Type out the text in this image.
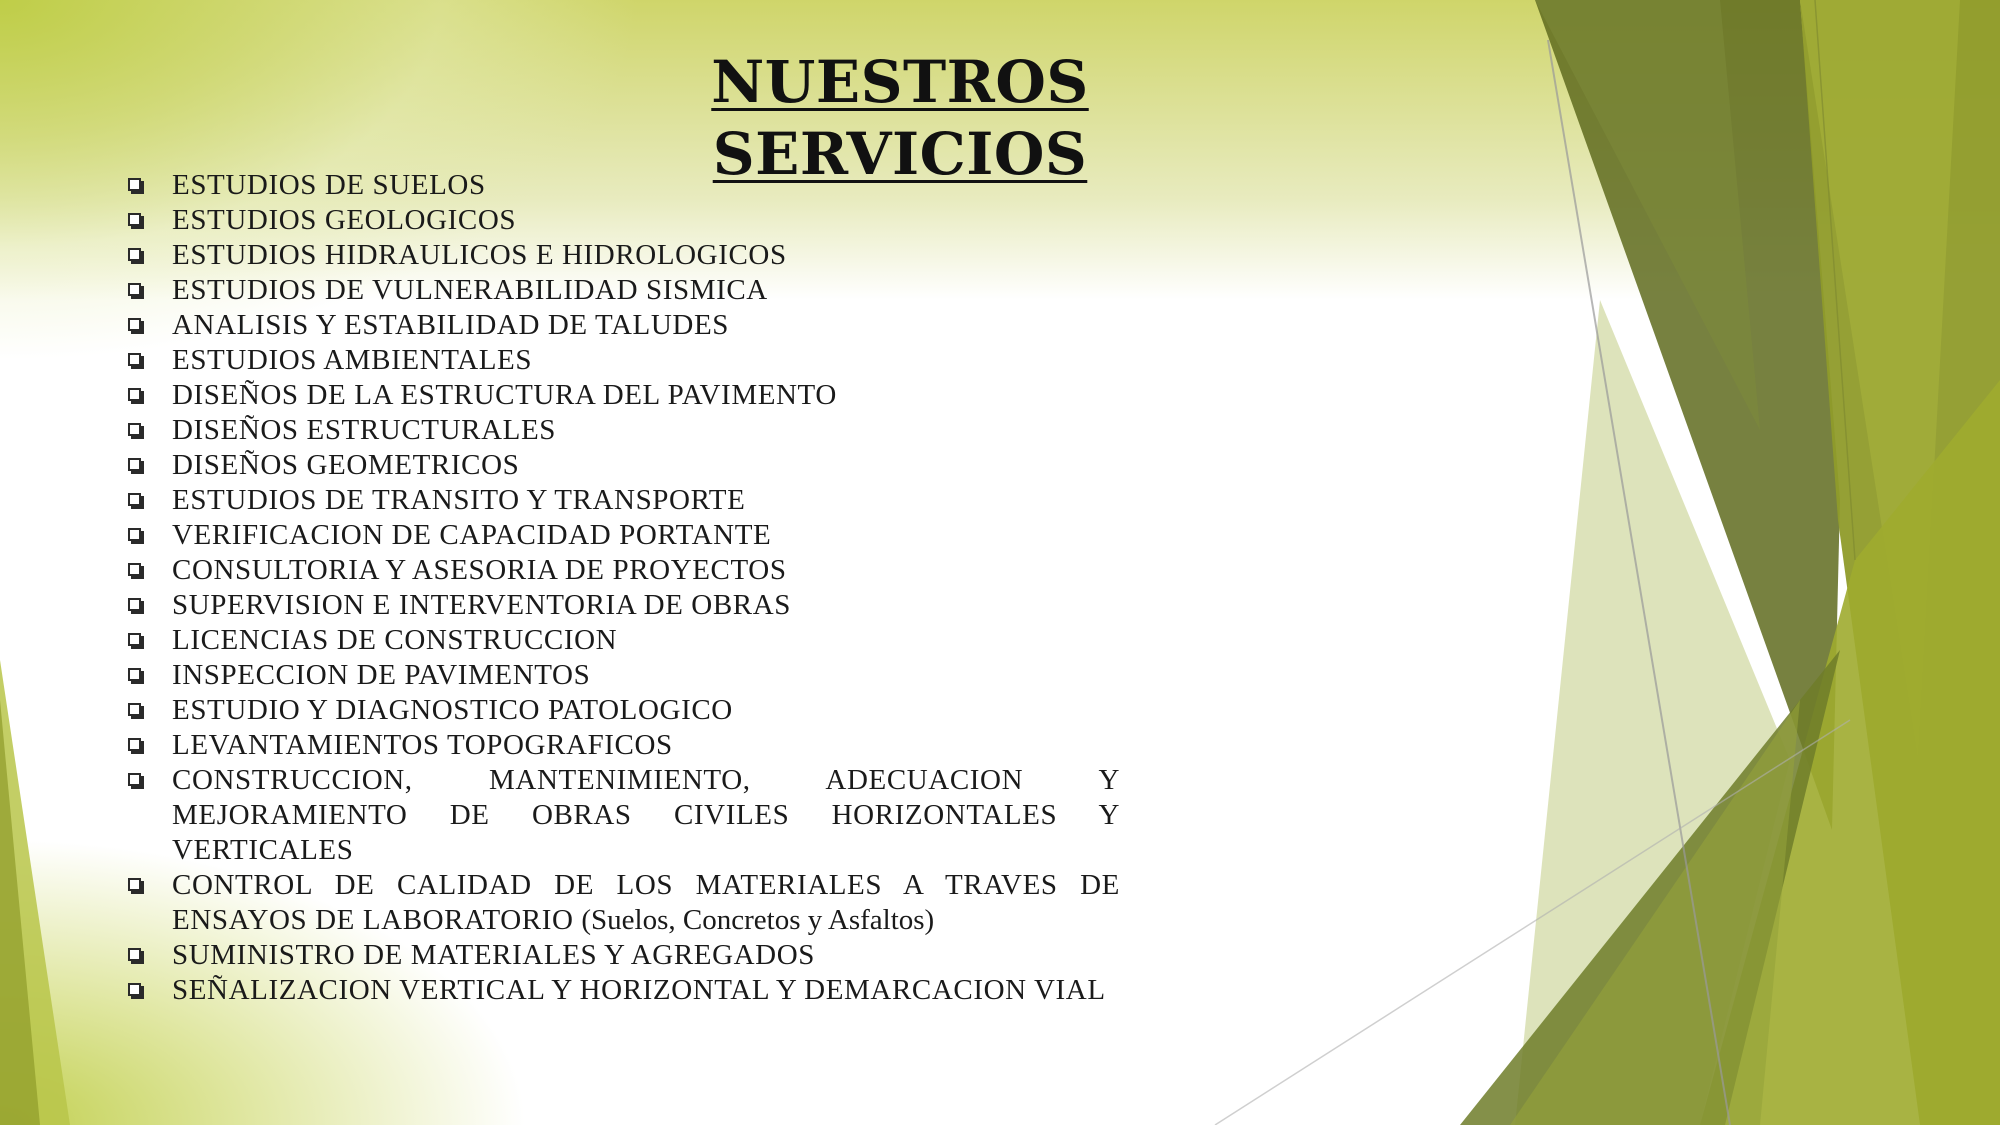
NUESTROS SERVICIOS
ESTUDIOS DE SUELOS
ESTUDIOS GEOLOGICOS
ESTUDIOS HIDRAULICOS E HIDROLOGICOS
ESTUDIOS DE VULNERABILIDAD SISMICA
ANALISIS Y ESTABILIDAD DE TALUDES
ESTUDIOS AMBIENTALES
DISEÑOS DE LA ESTRUCTURA DEL PAVIMENTO
DISEÑOS ESTRUCTURALES
DISEÑOS GEOMETRICOS
ESTUDIOS DE TRANSITO Y TRANSPORTE
VERIFICACION DE CAPACIDAD PORTANTE
CONSULTORIA Y ASESORIA DE PROYECTOS
SUPERVISION E INTERVENTORIA DE OBRAS
LICENCIAS DE CONSTRUCCION
INSPECCION DE PAVIMENTOS
ESTUDIO Y DIAGNOSTICO PATOLOGICO
LEVANTAMIENTOS TOPOGRAFICOS
CONSTRUCCION, MANTENIMIENTO, ADECUACION Y MEJORAMIENTO DE OBRAS CIVILES HORIZONTALES Y VERTICALES
CONTROL DE CALIDAD DE LOS MATERIALES A TRAVES DE ENSAYOS DE LABORATORIO (Suelos, Concretos y Asfaltos)
SUMINISTRO DE MATERIALES Y AGREGADOS
SEÑALIZACION VERTICAL Y HORIZONTAL Y DEMARCACION VIAL
